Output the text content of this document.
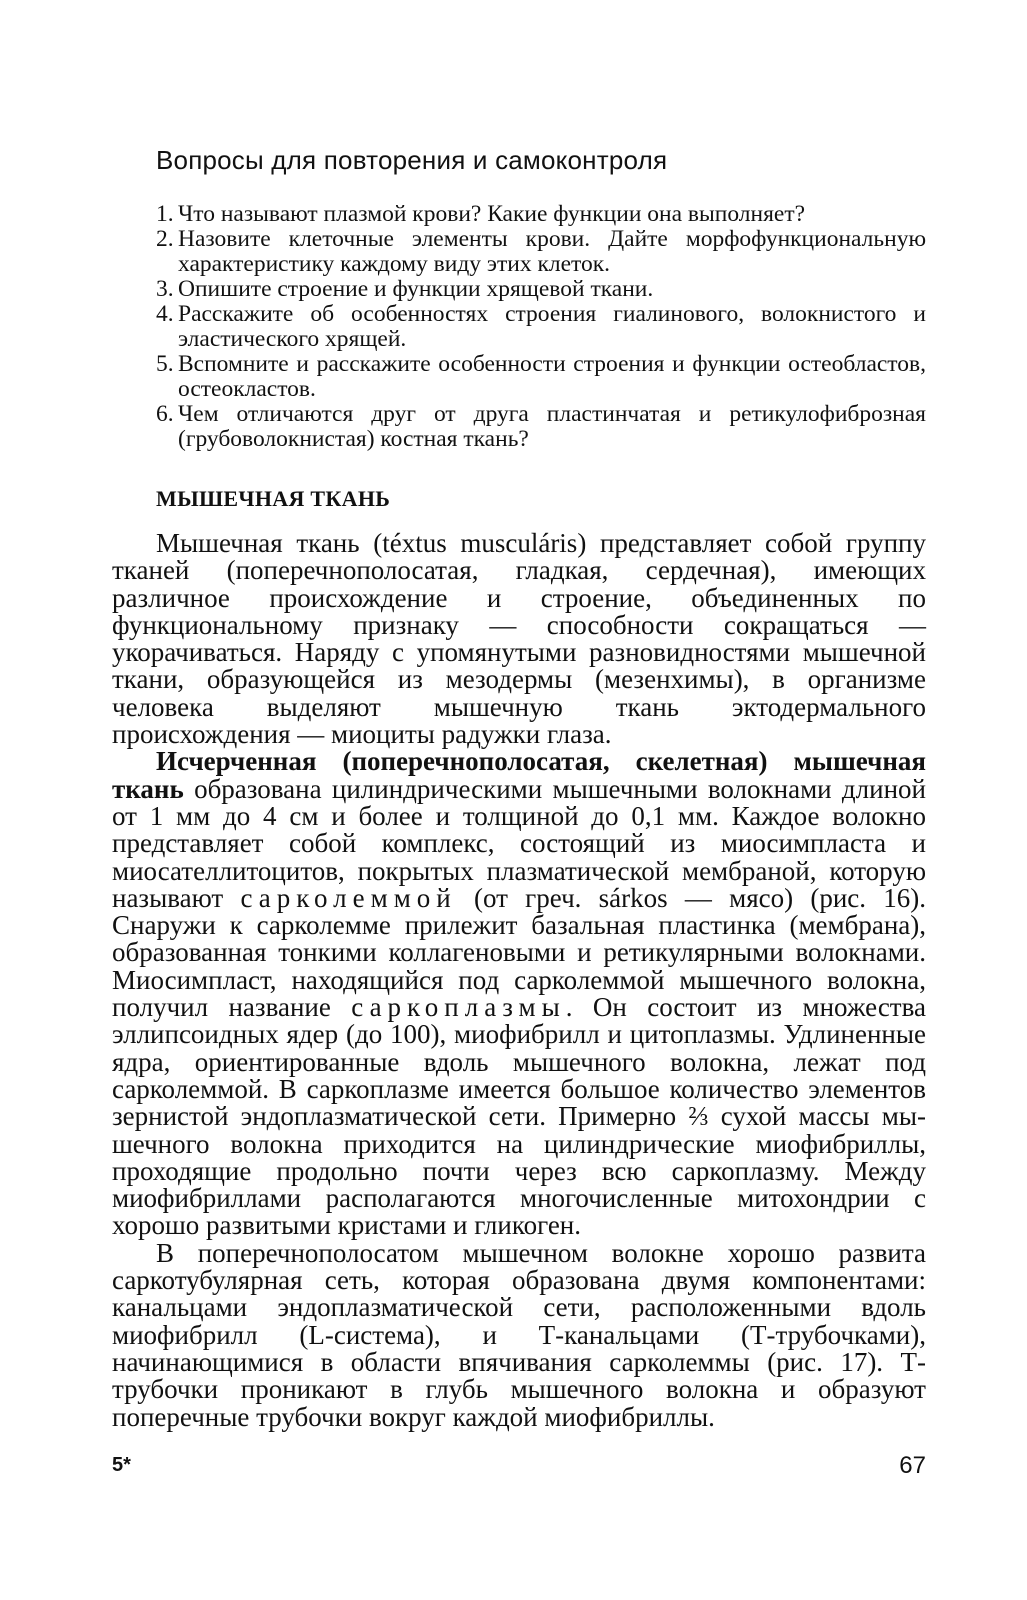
Вопросы для повторения и самоконтроля
1. Что называют плазмой крови? Какие функции она выполняет?
2. Назовите клеточные элементы крови. Дайте морфофункциональную характеристику каждому виду этих клеток.
3. Опишите строение и функции хрящевой ткани.
4. Расскажите об особенностях строения гиалинового, волокнистого и эластического хрящей.
5. Вспомните и расскажите особенности строения и функции остеобластов, остеокластов.
6. Чем отличаются друг от друга пластинчатая и ретикулофиброзная (грубоволокнистая) костная ткань?
МЫШЕЧНАЯ ТКАНЬ

Мышечная ткань (téxtus musculáris) представляет собой группу тканей (поперечнополосатая, гладкая, сердечная), имеющих различное происхождение и строение, объединенных по функциональному признаку — способности сокращаться — укорачиваться. Наряду с упомянутыми разновидностями мышечной ткани, образующейся из мезодермы (мезенхимы), в организме человека выделяют мышечную ткань эктодермального происхождения — миоциты радужки глаза.

Исчерченная (поперечнополосатая, скелетная) мышечная ткань образована цилиндрическими мышечными волокнами длиной от 1 мм до 4 см и более и толщиной до 0,1 мм. Каждое волокно представляет собой комплекс, состоящий из миосимпласта и миосателлитоцитов, покрытых плазматической мембраной, которую называют сарколеммой (от греч. sárkos — мясо) (рис. 16). Снаружи к сарколемме прилежит базальная пластинка (мембрана), образованная тонкими коллагеновыми и ретикулярными волокнами. Миосимпласт, находящийся под сарколеммой мышечного волокна, получил название саркоплазмы. Он состоит из множества эллипсоидных ядер (до 100), миофибрилл и цитоплазмы. Удлиненные ядра, ориентированные вдоль мышечного волокна, лежат под сарколеммой. В саркоплазме имеется большое количество элементов зернистой эндоплазматической сети. Примерно ⅔ сухой массы мышечного волокна приходится на цилиндрические миофибриллы, проходящие продольно почти через всю саркоплазму. Между миофибриллами располагаются многочисленные митохондрии с хорошо развитыми кристами и гликоген.

В поперечнополосатом мышечном волокне хорошо развита саркотубулярная сеть, которая образована двумя компонентами: канальцами эндоплазматической сети, расположенными вдоль миофибрилл (L-система), и Т-канальцами (Т-трубочками), начинающимися в области впячивания сарколеммы (рис. 17). Т-трубочки проникают в глубь мышечного волокна и образуют поперечные трубочки вокруг каждой миофибриллы.

5*	67
